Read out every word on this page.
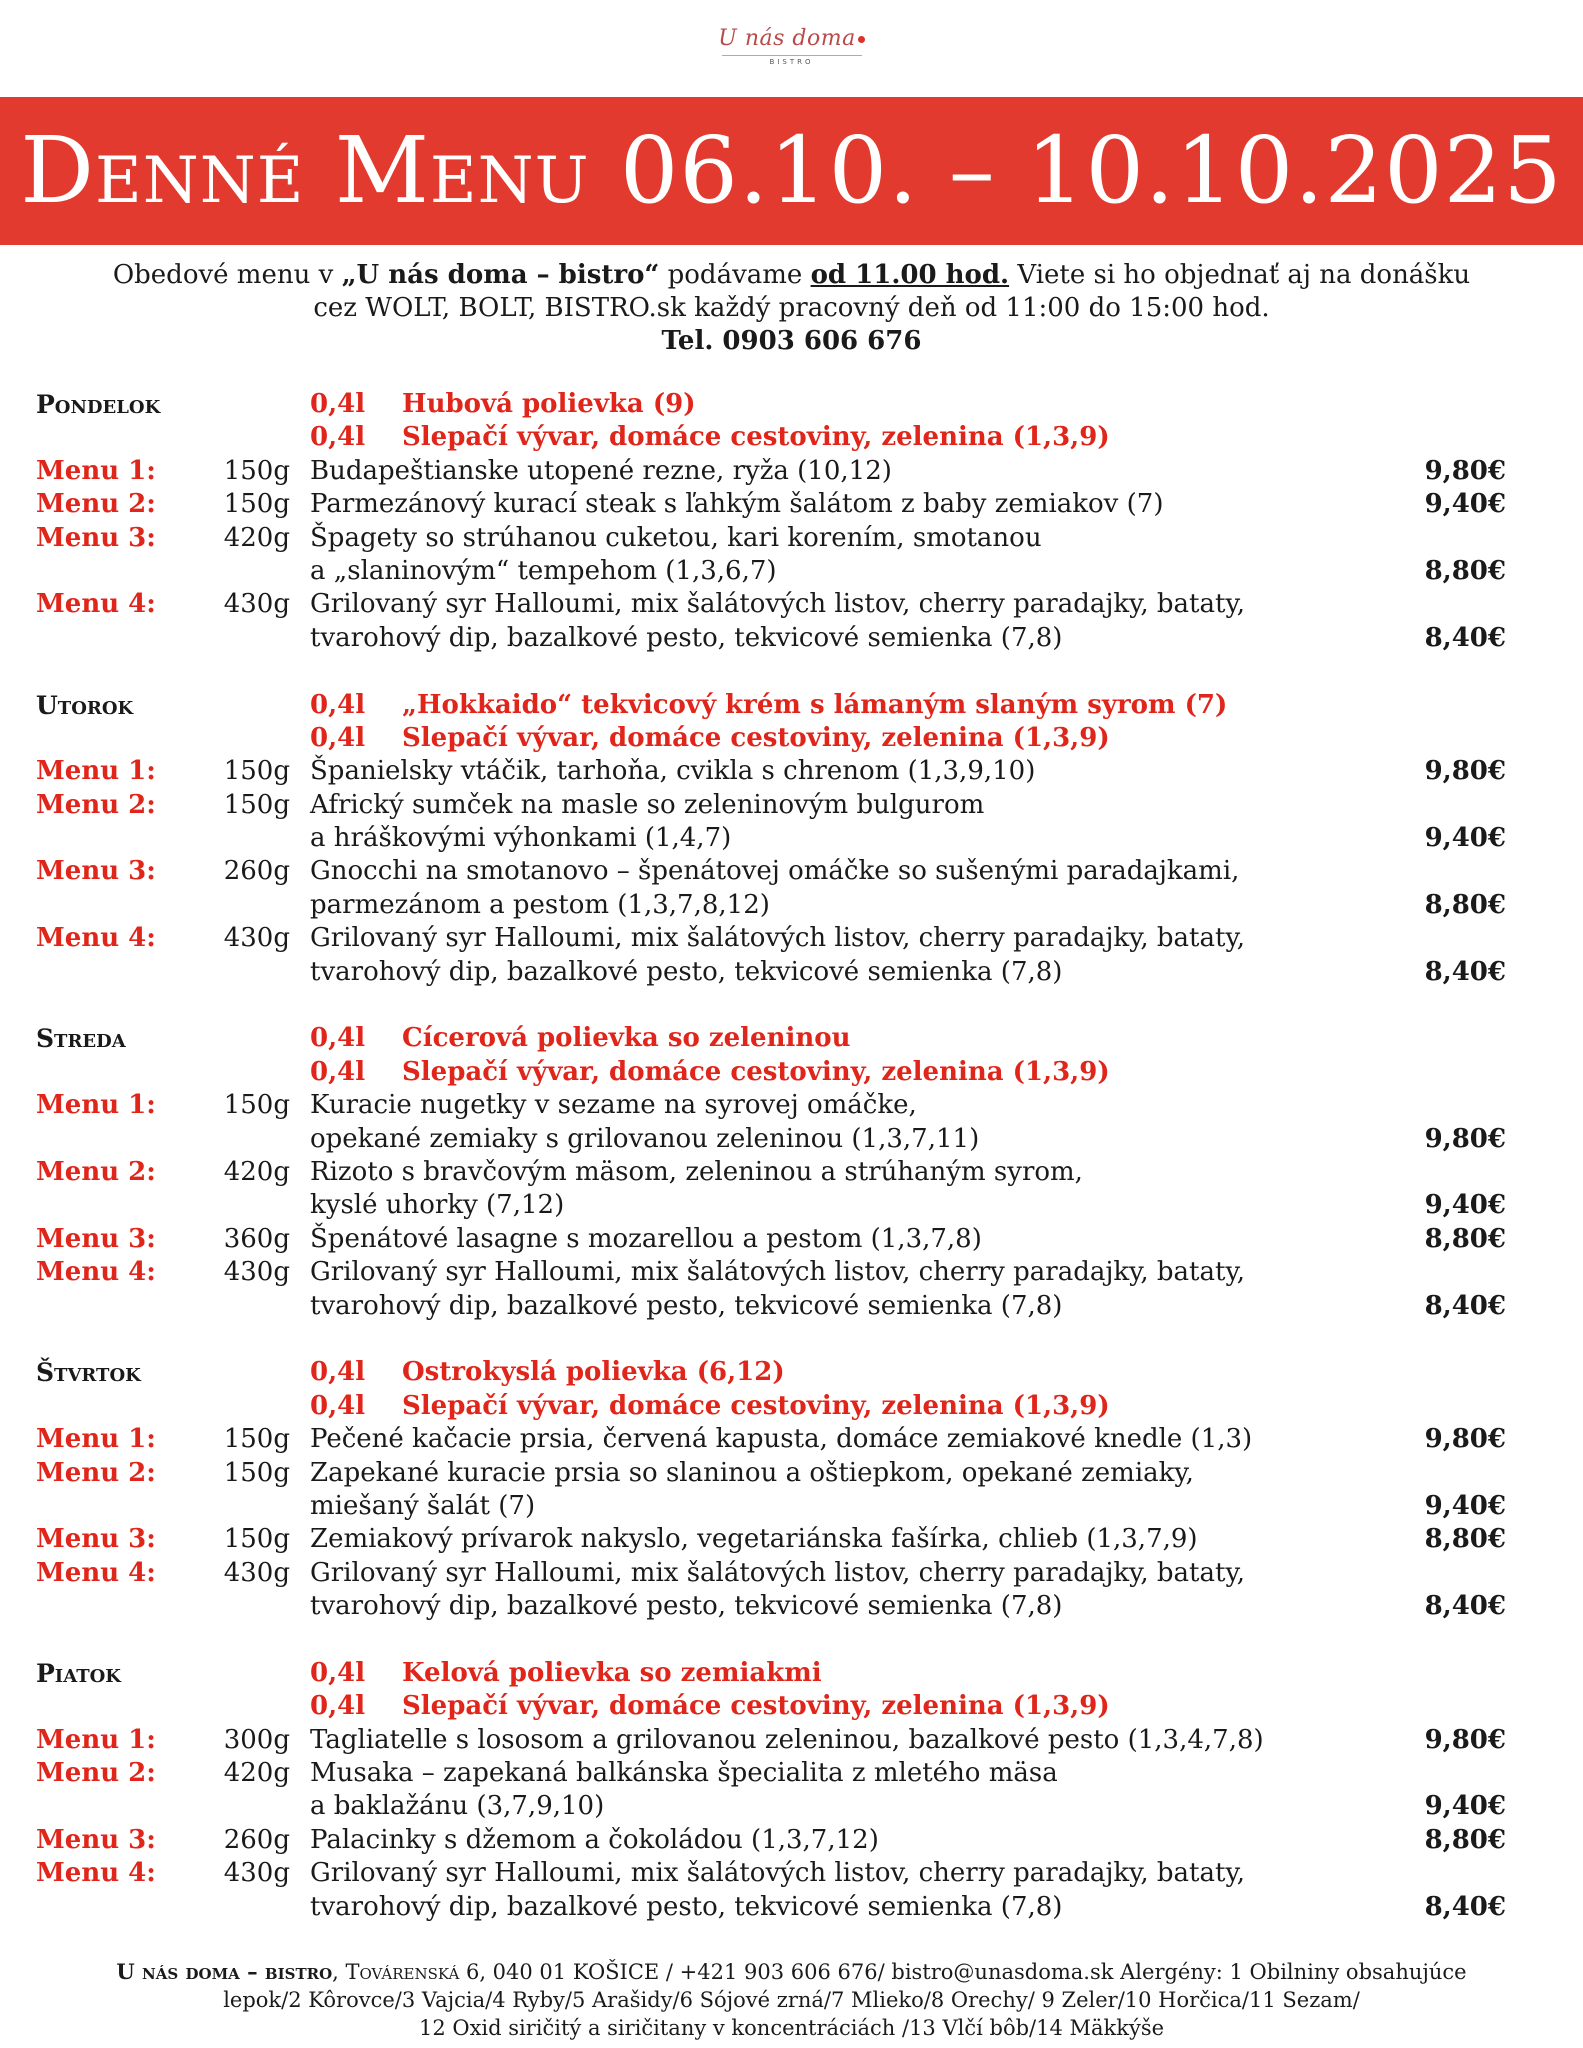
U nás doma
BISTRO
Denné Menu 06.10. – 10.10.2025
Obedové menu v „U nás doma – bistro“ podávame od 11.00 hod. Viete si ho objednať aj na donášku
cez WOLT, BOLT, BISTRO.sk každý pracovný deň od 11:00 do 15:00 hod.
Tel. 0903 606 676
Pondelok	0,4l Hubová polievka (9)
0,4l Slepačí vývar, domáce cestoviny, zelenina (1,3,9)
Menu 1:	150g Budapeštianske utopené rezne, ryža (10,12)	9,80€
Menu 2:	150g Parmezánový kurací steak s ľahkým šalátom z baby zemiakov (7)	9,40€
Menu 3:	420g Špagety so strúhanou cuketou, kari korením, smotanou
a „slaninovým“ tempehom (1,3,6,7)	8,80€
Menu 4:	430g Grilovaný syr Halloumi, mix šalátových listov, cherry paradajky, bataty,
tvarohový dip, bazalkové pesto, tekvicové semienka (7,8)	8,40€
Utorok	0,4l „Hokkaido“ tekvicový krém s lámaným slaným syrom (7)
0,4l Slepačí vývar, domáce cestoviny, zelenina (1,3,9)
Menu 1:	150g Španielsky vtáčik, tarhoňa, cvikla s chrenom (1,3,9,10)	9,80€
Menu 2:	150g Africký sumček na masle so zeleninovým bulgurom
a hráškovými výhonkami (1,4,7)	9,40€
Menu 3:	260g Gnocchi na smotanovo – špenátovej omáčke so sušenými paradajkami,
parmezánom a pestom (1,3,7,8,12)	8,80€
Menu 4:	430g Grilovaný syr Halloumi, mix šalátových listov, cherry paradajky, bataty,
tvarohový dip, bazalkové pesto, tekvicové semienka (7,8)	8,40€
Streda	0,4l Cícerová polievka so zeleninou
0,4l Slepačí vývar, domáce cestoviny, zelenina (1,3,9)
Menu 1:	150g Kuracie nugetky v sezame na syrovej omáčke,
opekané zemiaky s grilovanou zeleninou (1,3,7,11)	9,80€
Menu 2:	420g Rizoto s bravčovým mäsom, zeleninou a strúhaným syrom,
kyslé uhorky (7,12)	9,40€
Menu 3:	360g Špenátové lasagne s mozarellou a pestom (1,3,7,8)	8,80€
Menu 4:	430g Grilovaný syr Halloumi, mix šalátových listov, cherry paradajky, bataty,
tvarohový dip, bazalkové pesto, tekvicové semienka (7,8)	8,40€
Štvrtok	0,4l Ostrokyslá polievka (6,12)
0,4l Slepačí vývar, domáce cestoviny, zelenina (1,3,9)
Menu 1:	150g Pečené kačacie prsia, červená kapusta, domáce zemiakové knedle (1,3)	9,80€
Menu 2:	150g Zapekané kuracie prsia so slaninou a oštiepkom, opekané zemiaky,
miešaný šalát (7)	9,40€
Menu 3:	150g Zemiakový prívarok nakyslo, vegetariánska fašírka, chlieb (1,3,7,9)	8,80€
Menu 4:	430g Grilovaný syr Halloumi, mix šalátových listov, cherry paradajky, bataty,
tvarohový dip, bazalkové pesto, tekvicové semienka (7,8)	8,40€
Piatok	0,4l Kelová polievka so zemiakmi
0,4l Slepačí vývar, domáce cestoviny, zelenina (1,3,9)
Menu 1:	300g Tagliatelle s lososom a grilovanou zeleninou, bazalkové pesto (1,3,4,7,8)	9,80€
Menu 2:	420g Musaka – zapekaná balkánska špecialita z mletého mäsa
a baklažánu (3,7,9,10)	9,40€
Menu 3:	260g Palacinky s džemom a čokoládou (1,3,7,12)	8,80€
Menu 4:	430g Grilovaný syr Halloumi, mix šalátových listov, cherry paradajky, bataty,
tvarohový dip, bazalkové pesto, tekvicové semienka (7,8)	8,40€
U nás doma – bistro, Továrenská 6, 040 01 KOŠICE / +421 903 606 676/ bistro@unasdoma.sk Alergény: 1 Obilniny obsahujúce
lepok/2 Kôrovce/3 Vajcia/4 Ryby/5 Arašidy/6 Sójové zrná/7 Mlieko/8 Orechy/ 9 Zeler/10 Horčica/11 Sezam/
12 Oxid siričitý a siričitany v koncentráciách /13 Vlčí bôb/14 Mäkkýše
